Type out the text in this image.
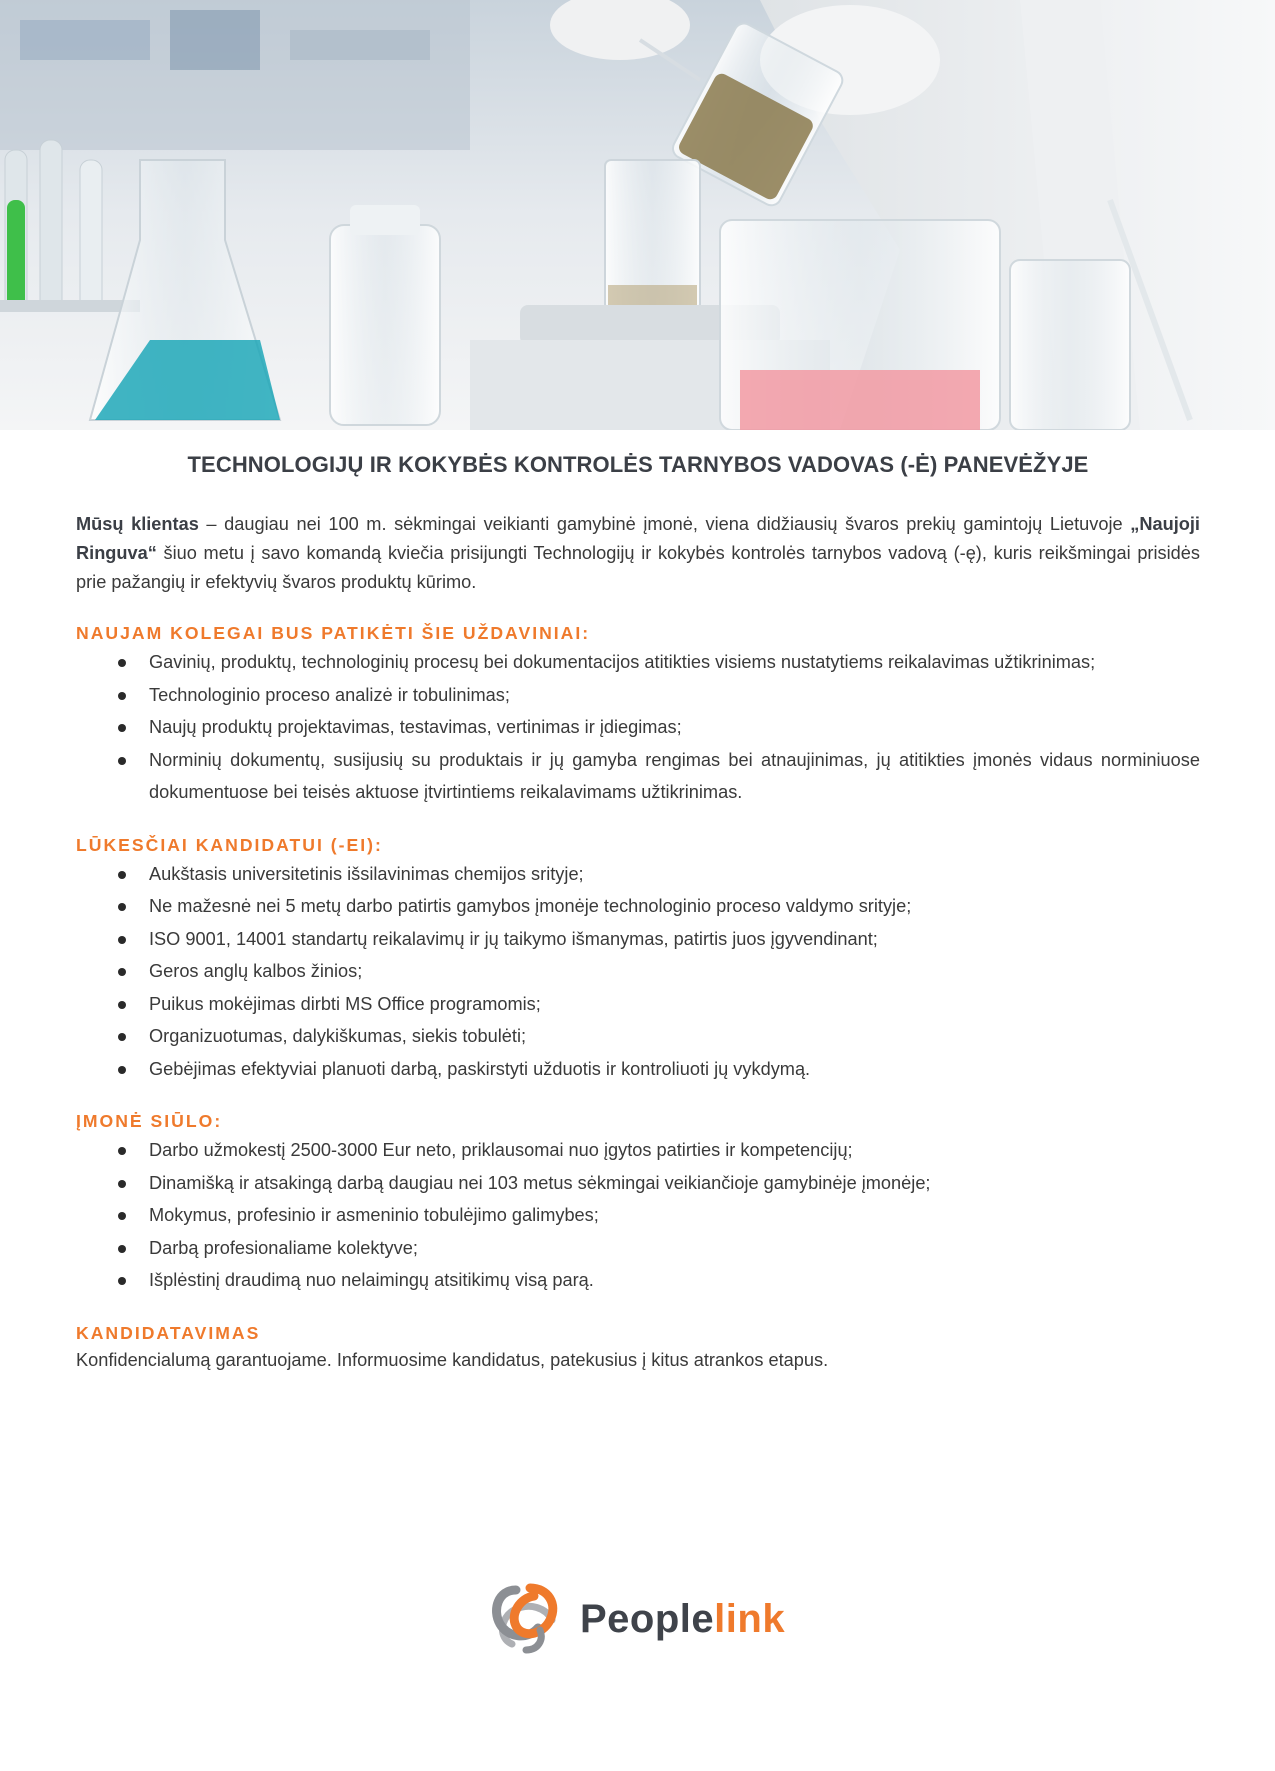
TECHNOLOGIJŲ IR KOKYBĖS KONTROLĖS TARNYBOS VADOVAS (-Ė) PANEVĖŽYJE

Mūsų klientas – daugiau nei 100 m. sėkmingai veikianti gamybinė įmonė, viena didžiausių švaros prekių gamintojų Lietuvoje „Naujoji Ringuva“ šiuo metu į savo komandą kviečia prisijungti Technologijų ir kokybės kontrolės tarnybos vadovą (-ę), kuris reikšmingai prisidės prie pažangių ir efektyvių švaros produktų kūrimo.

NAUJAM KOLEGAI BUS PATIKĖTI ŠIE UŽDAVINIAI:
Gavinių, produktų, technologinių procesų bei dokumentacijos atitikties visiems nustatytiems reikalavimas užtikrinimas;
Technologinio proceso analizė ir tobulinimas;
Naujų produktų projektavimas, testavimas, vertinimas ir įdiegimas;
Norminių dokumentų, susijusių su produktais ir jų gamyba rengimas bei atnaujinimas, jų atitikties įmonės vidaus norminiuose dokumentuose bei teisės aktuose įtvirtintiems reikalavimams užtikrinimas.
LŪKESČIAI KANDIDATUI (-EI):
Aukštasis universitetinis išsilavinimas chemijos srityje;
Ne mažesnė nei 5 metų darbo patirtis gamybos įmonėje technologinio proceso valdymo srityje;
ISO 9001, 14001 standartų reikalavimų ir jų taikymo išmanymas, patirtis juos įgyvendinant;
Geros anglų kalbos žinios;
Puikus mokėjimas dirbti MS Office programomis;
Organizuotumas, dalykiškumas, siekis tobulėti;
Gebėjimas efektyviai planuoti darbą, paskirstyti užduotis ir kontroliuoti jų vykdymą.
ĮMONĖ SIŪLO:
Darbo užmokestį 2500-3000 Eur neto, priklausomai nuo įgytos patirties ir kompetencijų;
Dinamišką ir atsakingą darbą daugiau nei 103 metus sėkmingai veikiančioje gamybinėje įmonėje;
Mokymus, profesinio ir asmeninio tobulėjimo galimybes;
Darbą profesionaliame kolektyve;
Išplėstinį draudimą nuo nelaimingų atsitikimų visą parą.
KANDIDATAVIMAS

Konfidencialumą garantuojame. Informuosime kandidatus, patekusius į kitus atrankos etapus.

Peoplelink
